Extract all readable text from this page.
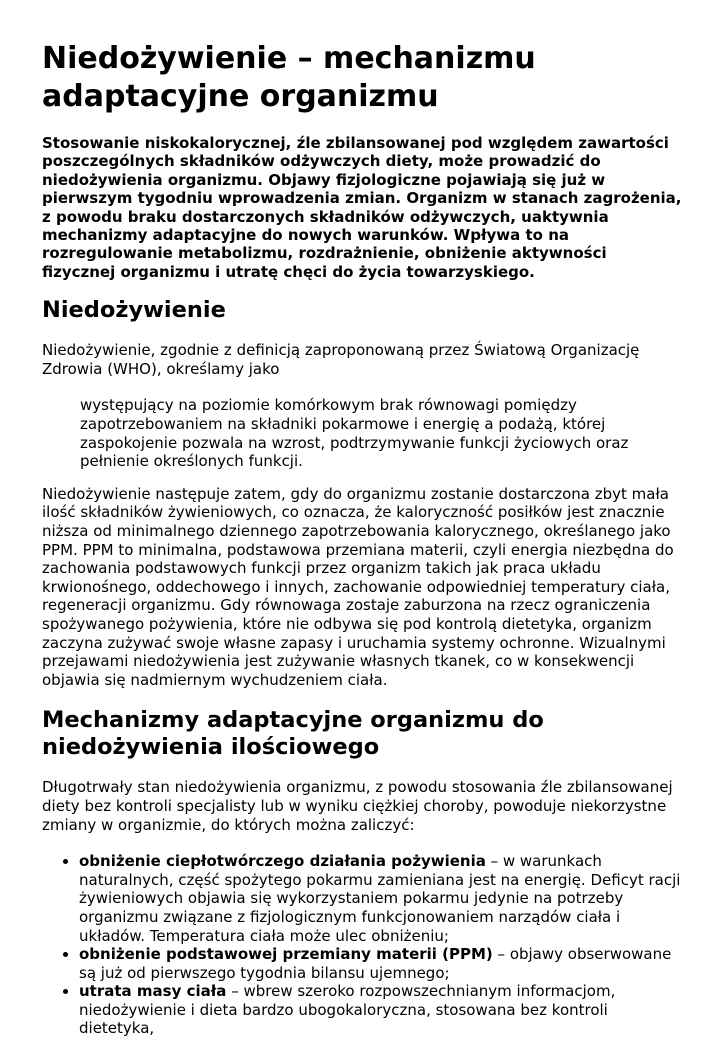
Niedożywienie – mechanizmu adaptacyjne organizmu

Stosowanie niskokalorycznej, źle zbilansowanej pod względem zawartości poszczególnych składników odżywczych diety, może prowadzić do niedożywienia organizmu. Objawy fizjologiczne pojawiają się już w pierwszym tygodniu wprowadzenia zmian. Organizm w stanach zagrożenia, z powodu braku dostarczonych składników odżywczych, uaktywnia mechanizmy adaptacyjne do nowych warunków. Wpływa to na rozregulowanie metabolizmu, rozdrażnienie, obniżenie aktywności fizycznej organizmu i utratę chęci do życia towarzyskiego.

Niedożywienie

Niedożywienie, zgodnie z definicją zaproponowaną przez Światową Organizację Zdrowia (WHO), określamy jako

występujący na poziomie komórkowym brak równowagi pomiędzy zapotrzebowaniem na składniki pokarmowe i energię a podażą, której zaspokojenie pozwala na wzrost, podtrzymywanie funkcji życiowych oraz pełnienie określonych funkcji.

Niedożywienie następuje zatem, gdy do organizmu zostanie dostarczona zbyt mała ilość składników żywieniowych, co oznacza, że kaloryczność posiłków jest znacznie niższa od minimalnego dziennego zapotrzebowania kalorycznego, określanego jako PPM. PPM to minimalna, podstawowa przemiana materii, czyli energia niezbędna do zachowania podstawowych funkcji przez organizm takich jak praca układu krwionośnego, oddechowego i innych, zachowanie odpowiedniej temperatury ciała, regeneracji organizmu. Gdy równowaga zostaje zaburzona na rzecz ograniczenia spożywanego pożywienia, które nie odbywa się pod kontrolą dietetyka, organizm zaczyna zużywać swoje własne zapasy i uruchamia systemy ochronne. Wizualnymi przejawami niedożywienia jest zużywanie własnych tkanek, co w konsekwencji objawia się nadmiernym wychudzeniem ciała.

Mechanizmy adaptacyjne organizmu do niedożywienia ilościowego

Długotrwały stan niedożywienia organizmu, z powodu stosowania źle zbilansowanej diety bez kontroli specjalisty lub w wyniku ciężkiej choroby, powoduje niekorzystne zmiany w organizmie, do których można zaliczyć:

• obniżenie ciepłotwórczego działania pożywienia – w warunkach naturalnych, część spożytego pokarmu zamieniana jest na energię. Deficyt racji żywieniowych objawia się wykorzystaniem pokarmu jedynie na potrzeby organizmu związane z fizjologicznym funkcjonowaniem narządów ciała i układów. Temperatura ciała może ulec obniżeniu;
• obniżenie podstawowej przemiany materii (PPM) – objawy obserwowane są już od pierwszego tygodnia bilansu ujemnego;
• utrata masy ciała – wbrew szeroko rozpowszechnianym informacjom, niedożywienie i dieta bardzo ubogokaloryczna, stosowana bez kontroli dietetyka,
